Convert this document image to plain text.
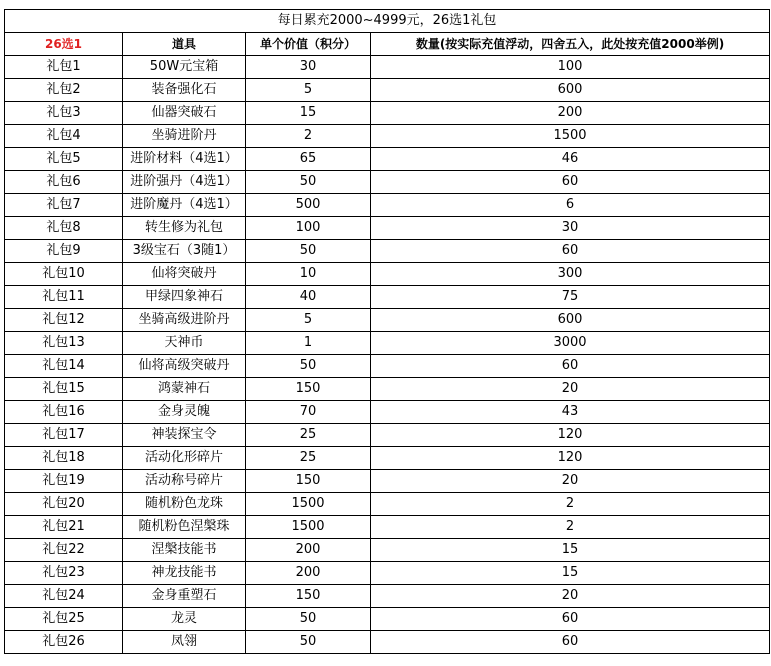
每日累充2000~4999元，26选1礼包			
26选1	道具	单个价值（积分）	数量(按实际充值浮动，四舍五入，此处按充值2000举例)
礼包1	50W元宝箱	30	100
礼包2	装备强化石	5	600
礼包3	仙器突破石	15	200
礼包4	坐骑进阶丹	2	1500
礼包5	进阶材料（4选1）	65	46
礼包6	进阶强丹（4选1）	50	60
礼包7	进阶魔丹（4选1）	500	6
礼包8	转生修为礼包	100	30
礼包9	3级宝石（3随1）	50	60
礼包10	仙将突破丹	10	300
礼包11	甲绿四象神石	40	75
礼包12	坐骑高级进阶丹	5	600
礼包13	天神币	1	3000
礼包14	仙将高级突破丹	50	60
礼包15	鸿蒙神石	150	20
礼包16	金身灵魄	70	43
礼包17	神装探宝令	25	120
礼包18	活动化形碎片	25	120
礼包19	活动称号碎片	150	20
礼包20	随机粉色龙珠	1500	2
礼包21	随机粉色涅槃珠	1500	2
礼包22	涅槃技能书	200	15
礼包23	神龙技能书	200	15
礼包24	金身重塑石	150	20
礼包25	龙灵	50	60
礼包26	凤翎	50	60
